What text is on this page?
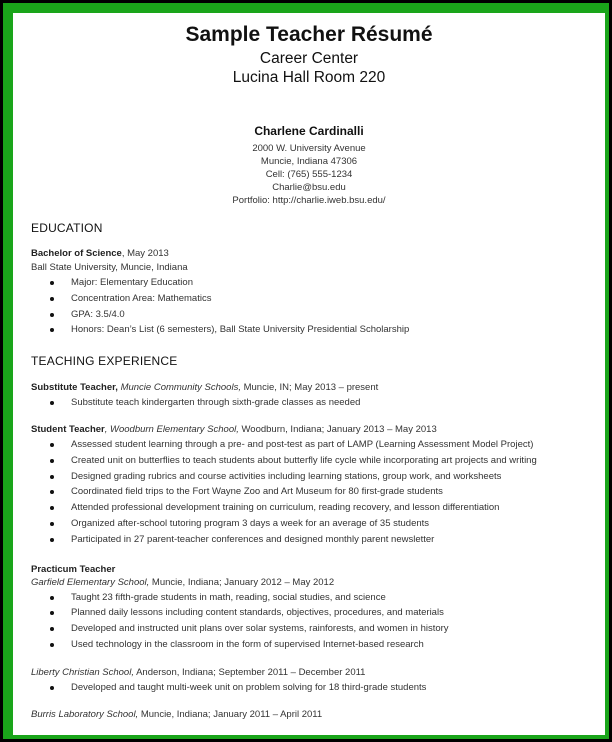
Sample Teacher Résumé
Career Center
Lucina Hall Room 220
Charlene Cardinalli
2000 W. University Avenue
Muncie, Indiana 47306
Cell: (765) 555-1234
Charlie@bsu.edu
Portfolio: http://charlie.iweb.bsu.edu/
EDUCATION
Bachelor of Science, May 2013
Ball State University, Muncie, Indiana
Major: Elementary Education
Concentration Area: Mathematics
GPA: 3.5/4.0
Honors: Dean’s List (6 semesters), Ball State University Presidential Scholarship
TEACHING EXPERIENCE
Substitute Teacher, Muncie Community Schools, Muncie, IN; May 2013 – present
Substitute teach kindergarten through sixth-grade classes as needed
Student Teacher, Woodburn Elementary School, Woodburn, Indiana; January 2013 – May 2013
Assessed student learning through a pre- and post-test as part of LAMP (Learning Assessment Model Project)
Created unit on butterflies to teach students about butterfly life cycle while incorporating art projects and writing
Designed grading rubrics and course activities including learning stations, group work, and worksheets
Coordinated field trips to the Fort Wayne Zoo and Art Museum for 80 first-grade students
Attended professional development training on curriculum, reading recovery, and lesson differentiation
Organized after-school tutoring program 3 days a week for an average of 35 students
Participated in 27 parent-teacher conferences and designed monthly parent newsletter
Practicum Teacher
Garfield Elementary School, Muncie, Indiana; January 2012 – May 2012
Taught 23 fifth-grade students in math, reading, social studies, and science
Planned daily lessons including content standards, objectives, procedures, and materials
Developed and instructed unit plans over solar systems, rainforests, and women in history
Used technology in the classroom in the form of supervised Internet-based research
Liberty Christian School, Anderson, Indiana; September 2011 – December 2011
Developed and taught multi-week unit on problem solving for 18 third-grade students
Burris Laboratory School, Muncie, Indiana; January 2011 – April 2011
